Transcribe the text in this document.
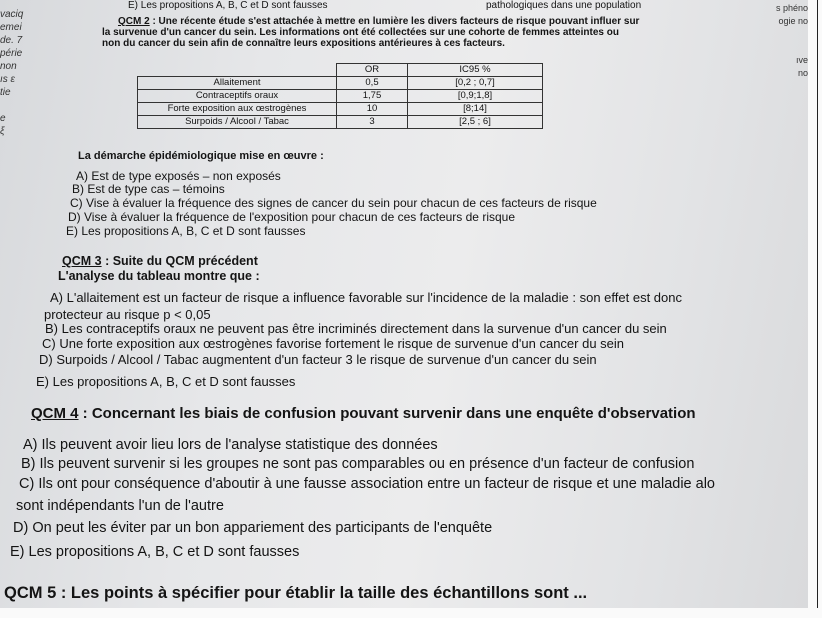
vaciq
emei
de. 7
périe
non
ıs ε
tie
e
ξ
s phéno
ogie no
ıve
no
E) Les propositions A, B, C et D sont fausses	pathologiques dans une population
QCM 2 : Une récente étude s'est attachée à mettre en lumière les divers facteurs de risque pouvant influer sur
la survenue d'un cancer du sein. Les informations ont été collectées sur une cohorte de femmes atteintes ou
non du cancer du sein afin de connaître leurs expositions antérieures à ces facteurs.
	OR	IC95 %
Allaitement	0,5	[0,2 ; 0,7]
Contraceptifs oraux	1,75	[0,9;1,8]
Forte exposition aux œstrogènes	10	[8;14]
Surpoids / Alcool / Tabac	3	[2,5 ; 6]
La démarche épidémiologique mise en œuvre :
A) Est de type exposés – non exposés
B) Est de type cas – témoins
C) Vise à évaluer la fréquence des signes de cancer du sein pour chacun de ces facteurs de risque
D) Vise à évaluer la fréquence de l'exposition pour chacun de ces facteurs de risque
E) Les propositions A, B, C et D sont fausses
QCM 3 : Suite du QCM précédent
L'analyse du tableau montre que :
A) L'allaitement est un facteur de risque a influence favorable sur l'incidence de la maladie : son effet est donc
protecteur au risque p < 0,05
B) Les contraceptifs oraux ne peuvent pas être incriminés directement dans la survenue d'un cancer du sein
C) Une forte exposition aux œstrogènes favorise fortement le risque de survenue d'un cancer du sein
D) Surpoids / Alcool / Tabac augmentent d'un facteur 3 le risque de survenue d'un cancer du sein
E) Les propositions A, B, C et D sont fausses
QCM 4 : Concernant les biais de confusion pouvant survenir dans une enquête d'observation
A) Ils peuvent avoir lieu lors de l'analyse statistique des données
B) Ils peuvent survenir si les groupes ne sont pas comparables ou en présence d'un facteur de confusion
C) Ils ont pour conséquence d'aboutir à une fausse association entre un facteur de risque et une maladie alo
sont indépendants l'un de l'autre
D) On peut les éviter par un bon appariement des participants de l'enquête
E) Les propositions A, B, C et D sont fausses
QCM 5 : Les points à spécifier pour établir la taille des échantillons sont ...
